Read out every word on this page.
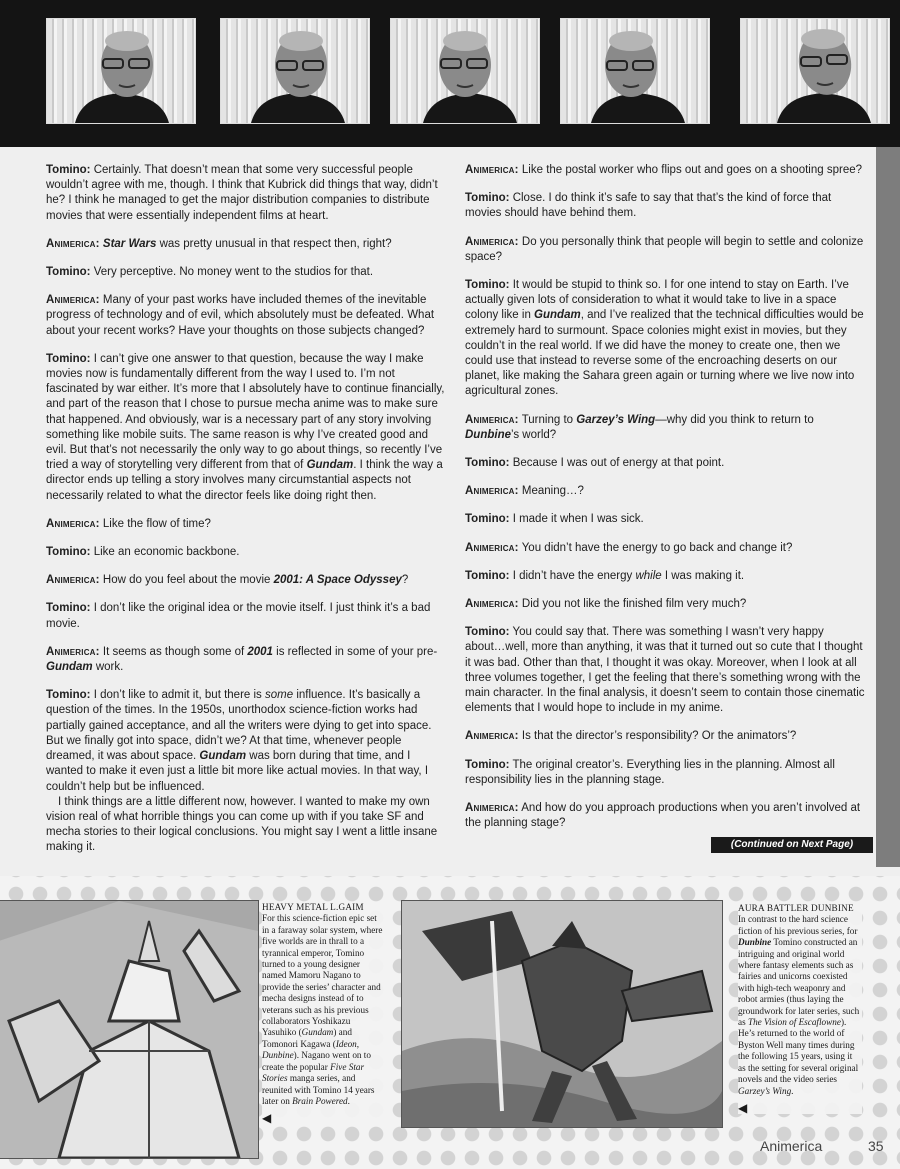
Tomino: Certainly. That doesn’t mean that some very successful people wouldn’t agree with me, though. I think that Kubrick did things that way, didn’t he? I think he managed to get the major distribution companies to distribute movies that were essentially independent films at heart.

Animerica: Star Wars was pretty unusual in that respect then, right?

Tomino: Very perceptive. No money went to the studios for that.

Animerica: Many of your past works have included themes of the inevitable progress of technology and of evil, which absolutely must be defeated. What about your recent works? Have your thoughts on those subjects changed?

Tomino: I can’t give one answer to that question, because the way I make movies now is fundamentally different from the way I used to. I’m not fascinated by war either. It’s more that I absolutely have to continue financially, and part of the reason that I chose to pursue mecha anime was to make sure that happened. And obviously, war is a necessary part of any story involving something like mobile suits. The same reason is why I’ve created good and evil. But that’s not necessarily the only way to go about things, so recently I’ve tried a way of storytelling very different from that of Gundam. I think the way a director ends up telling a story involves many circumstantial aspects not necessarily related to what the director feels like doing right then.

Animerica: Like the flow of time?

Tomino: Like an economic backbone.

Animerica: How do you feel about the movie 2001: A Space Odyssey?

Tomino: I don’t like the original idea or the movie itself. I just think it’s a bad movie.

Animerica: It seems as though some of 2001 is reflected in some of your pre-Gundam work.

Tomino: I don’t like to admit it, but there is some influence. It’s basically a question of the times. In the 1950s, unorthodox science-fiction works had partially gained acceptance, and all the writers were dying to get into space. But we finally got into space, didn’t we? At that time, whenever people dreamed, it was about space. Gundam was born during that time, and I wanted to make it even just a little bit more like actual movies. In that way, I couldn’t help but be influenced.

I think things are a little different now, however. I wanted to make my own vision real of what horrible things you can come up with if you take SF and mecha stories to their logical conclusions. You might say I went a little insane making it.

Animerica: Like the postal worker who flips out and goes on a shooting spree?

Tomino: Close. I do think it’s safe to say that that’s the kind of force that movies should have behind them.

Animerica: Do you personally think that people will begin to settle and colonize space?

Tomino: It would be stupid to think so. I for one intend to stay on Earth. I’ve actually given lots of consideration to what it would take to live in a space colony like in Gundam, and I’ve realized that the technical difficulties would be extremely hard to surmount. Space colonies might exist in movies, but they couldn’t in the real world. If we did have the money to create one, then we could use that instead to reverse some of the encroaching deserts on our planet, like making the Sahara green again or turning where we live now into agricultural zones.

Animerica: Turning to Garzey’s Wing—why did you think to return to Dunbine’s world?

Tomino: Because I was out of energy at that point.

Animerica: Meaning…?

Tomino: I made it when I was sick.

Animerica: You didn’t have the energy to go back and change it?

Tomino: I didn’t have the energy while I was making it.

Animerica: Did you not like the finished film very much?

Tomino: You could say that. There was something I wasn’t very happy about…well, more than anything, it was that it turned out so cute that I thought it was bad. Other than that, I thought it was okay. Moreover, when I look at all three volumes together, I get the feeling that there’s something wrong with the main character. In the final analysis, it doesn’t seem to contain those cinematic elements that I would hope to include in my anime.

Animerica: Is that the director’s responsibility? Or the animators’?

Tomino: The original creator’s. Everything lies in the planning. Almost all responsibility lies in the planning stage.

Animerica: And how do you approach productions when you aren’t involved at the planning stage?

(Continued on Next Page)
HEAVY METAL L.GAIM
For this science-fiction epic set in a faraway solar system, where five worlds are in thrall to a tyrannical emperor, Tomino turned to a young designer named Mamoru Nagano to provide the series’ character and mecha designs instead of to veterans such as his previous collaborators Yoshikazu Yasuhiko (Gundam) and Tomonori Kagawa (Ideon, Dunbine). Nagano went on to create the popular Five Star Stories manga series, and reunited with Tomino 14 years later on Brain Powered.
◀
AURA BATTLER DUNBINE
In contrast to the hard science fiction of his previous series, for Dunbine Tomino constructed an intriguing and original world where fantasy elements such as fairies and unicorns coexisted with high-tech weaponry and robot armies (thus laying the groundwork for later series, such as The Vision of Escaflowne). He’s returned to the world of Byston Well many times during the following 15 years, using it as the setting for several original novels and the video series Garzey’s Wing.
◀
Animerica	35
